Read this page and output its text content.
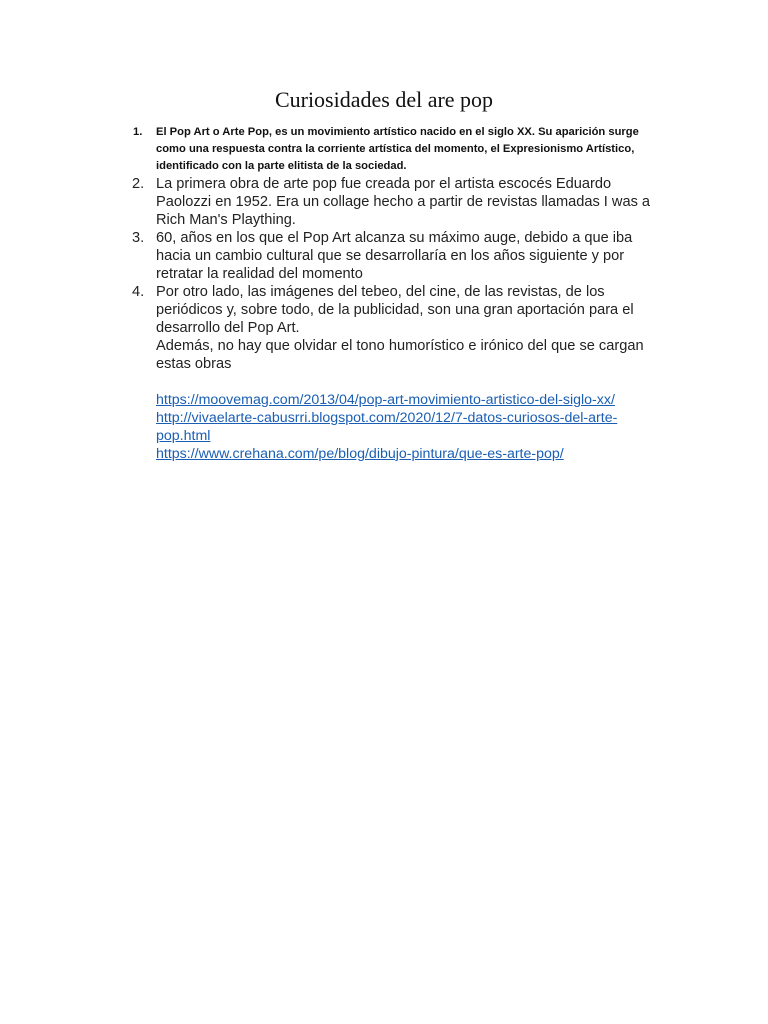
Curiosidades del are pop
1. El Pop Art o Arte Pop, es un movimiento artístico nacido en el siglo XX. Su aparición surge como una respuesta contra la corriente artística del momento, el Expresionismo Artístico, identificado con la parte elitista de la sociedad.
2. La primera obra de arte pop fue creada por el artista escocés Eduardo Paolozzi en 1952. Era un collage hecho a partir de revistas llamadas I was a Rich Man's Plaything.
3. 60, años en los que el Pop Art alcanza su máximo auge, debido a que iba hacia un cambio cultural que se desarrollaría en los años siguiente y por retratar la realidad del momento
4. Por otro lado, las imágenes del tebeo, del cine, de las revistas, de los periódicos y, sobre todo, de la publicidad, son una gran aportación para el desarrollo del Pop Art.
Además, no hay que olvidar el tono humorístico e irónico del que se cargan estas obras
https://moovemag.com/2013/04/pop-art-movimiento-artistico-del-siglo-xx/
http://vivaelarte-cabusrri.blogspot.com/2020/12/7-datos-curiosos-del-arte-pop.html
https://www.crehana.com/pe/blog/dibujo-pintura/que-es-arte-pop/
